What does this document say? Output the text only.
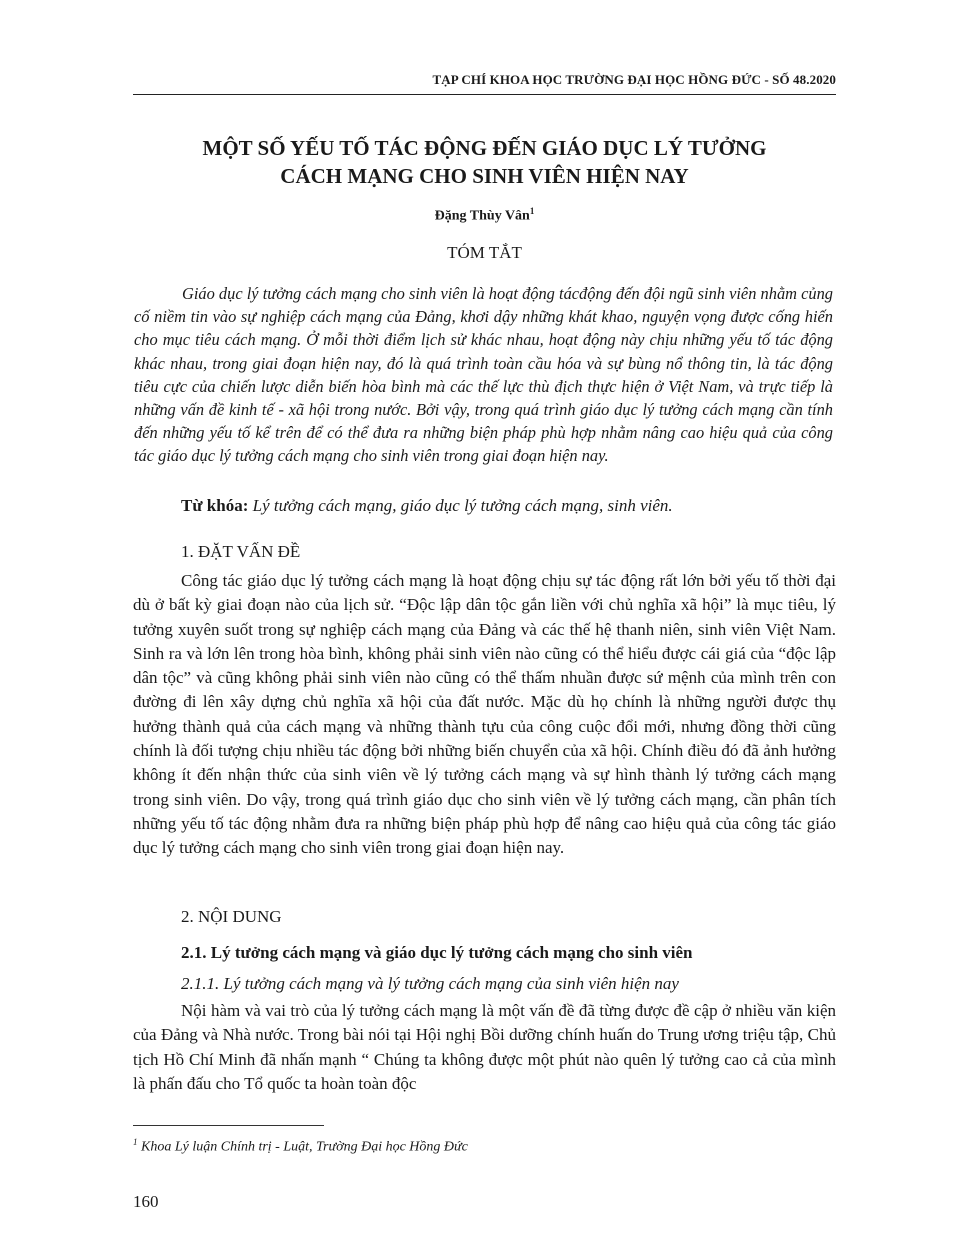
TẠP CHÍ KHOA HỌC TRƯỜNG ĐẠI HỌC HỒNG ĐỨC - SỐ 48.2020
MỘT SỐ YẾU TỐ TÁC ĐỘNG ĐẾN GIÁO DỤC LÝ TƯỞNG
CÁCH MẠNG CHO SINH VIÊN HIỆN NAY
Đặng Thùy Vân$^1$
TÓM TẮT
Giáo dục lý tưởng cách mạng cho sinh viên là hoạt động tácđộng đến đội ngũ sinh viên nhằm củng cố niềm tin vào sự nghiệp cách mạng của Đảng, khơi dậy những khát khao, nguyện vọng được cống hiến cho mục tiêu cách mạng. Ở mỗi thời điểm lịch sử khác nhau, hoạt động này chịu những yếu tố tác động khác nhau, trong giai đoạn hiện nay, đó là quá trình toàn cầu hóa và sự bùng nổ thông tin, là tác động tiêu cực của chiến lược diễn biến hòa bình mà các thế lực thù địch thực hiện ở Việt Nam, và trực tiếp là những vấn đề kinh tế - xã hội trong nước. Bởi vậy, trong quá trình giáo dục lý tưởng cách mạng cần tính đến những yếu tố kể trên để có thể đưa ra những biện pháp phù hợp nhằm nâng cao hiệu quả của công tác giáo dục lý tưởng cách mạng cho sinh viên trong giai đoạn hiện nay.
Từ khóa: Lý tưởng cách mạng, giáo dục lý tưởng cách mạng, sinh viên.
1. ĐẶT VẤN ĐỀ
Công tác giáo dục lý tưởng cách mạng là hoạt động chịu sự tác động rất lớn bởi yếu tố thời đại dù ở bất kỳ giai đoạn nào của lịch sử. “Độc lập dân tộc gắn liền với chủ nghĩa xã hội” là mục tiêu, lý tưởng xuyên suốt trong sự nghiệp cách mạng của Đảng và các thế hệ thanh niên, sinh viên Việt Nam. Sinh ra và lớn lên trong hòa bình, không phải sinh viên nào cũng có thể hiểu được cái giá của “độc lập dân tộc” và cũng không phải sinh viên nào cũng có thể thấm nhuần được sứ mệnh của mình trên con đường đi lên xây dựng chủ nghĩa xã hội của đất nước. Mặc dù họ chính là những người được thụ hưởng thành quả của cách mạng và những thành tựu của công cuộc đổi mới, nhưng đồng thời cũng chính là đối tượng chịu nhiều tác động bởi những biến chuyển của xã hội. Chính điều đó đã ảnh hưởng không ít đến nhận thức của sinh viên về lý tưởng cách mạng và sự hình thành lý tưởng cách mạng trong sinh viên. Do vậy, trong quá trình giáo dục cho sinh viên về lý tưởng cách mạng, cần phân tích những yếu tố tác động nhằm đưa ra những biện pháp phù hợp để nâng cao hiệu quả của công tác giáo dục lý tưởng cách mạng cho sinh viên trong giai đoạn hiện nay.
2. NỘI DUNG
2.1. Lý tưởng cách mạng và giáo dục lý tưởng cách mạng cho sinh viên
2.1.1. Lý tưởng cách mạng và lý tưởng cách mạng của sinh viên hiện nay
Nội hàm và vai trò của lý tưởng cách mạng là một vấn đề đã từng được đề cập ở nhiều văn kiện của Đảng và Nhà nước. Trong bài nói tại Hội nghị Bồi dưỡng chính huấn do Trung ương triệu tập, Chủ tịch Hồ Chí Minh đã nhấn mạnh “ Chúng ta không được một phút nào quên lý tưởng cao cả của mình là phấn đấu cho Tổ quốc ta hoàn toàn độc
$^1$ Khoa Lý luận Chính trị - Luật, Trường Đại học Hồng Đức
160
